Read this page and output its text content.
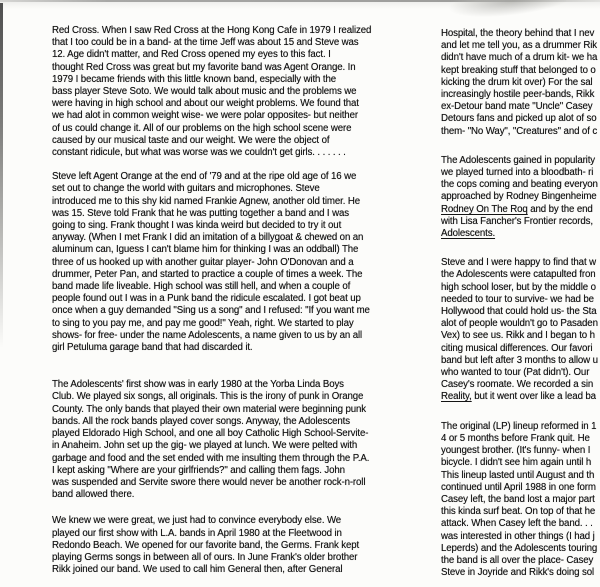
Red Cross. When I saw Red Cross at the Hong Kong Cafe in 1979 I realized
that I too could be in a band- at the time Jeff was about 15 and Steve was
12. Age didn't matter, and Red Cross opened my eyes to this fact. I
thought Red Cross was great but my favorite band was Agent Orange. In
1979 I became friends with this little known band, especially with the
bass player Steve Soto. We would talk about music and the problems we
were having in high school and about our weight problems. We found that
we had alot in common weight wise- we were polar opposites- but neither
of us could change it. All of our problems on the high school scene were
caused by our musical taste and our weight. We were the object of
constant ridicule, but what was worse was we couldn't get girls. . . . . . .
Steve left Agent Orange at the end of '79 and at the ripe old age of 16 we
set out to change the world with guitars and microphones. Steve
introduced me to this shy kid named Frankie Agnew, another old timer. He
was 15. Steve told Frank that he was putting together a band and I was
going to sing. Frank thought I was kinda weird but decided to try it out
anyway. (When I met Frank I did an imitation of a billygoat & chewed on an
aluminum can, Iguess I can't blame him for thinking I was an oddball) The
three of us hooked up with another guitar player- John O'Donovan and a
drummer, Peter Pan, and started to practice a couple of times a week. The
band made life liveable. High school was still hell, and when a couple of
people found out I was in a Punk band the ridicule escalated. I got beat up
once when a guy demanded "Sing us a song" and I refused: "If you want me
to sing to you pay me, and pay me good!" Yeah, right. We started to play
shows- for free- under the name Adolescents, a name given to us by an all
girl Petuluma garage band that had discarded it.
The Adolescents' first show was in early 1980 at the Yorba Linda Boys
Club. We played six songs, all originals. This is the irony of punk in Orange
County. The only bands that played their own material were beginning punk
bands. All the rock bands played cover songs. Anyway, the Adolescents
played Eldorado High School, and one all boy Catholic High School-Servite-
in Anaheim. John set up the gig- we played at lunch. We were pelted with
garbage and food and the set ended with me insulting them through the P.A.
I kept asking "Where are your girlfriends?" and calling them fags. John
was suspended and Servite swore there would never be another rock-n-roll
band allowed there.
We knew we were great, we just had to convince everybody else. We
played our first show with L.A. bands in April 1980 at the Fleetwood in
Redondo Beach. We opened for our favorite band, the Germs. Frank kept
playing Germs songs in between all of ours. In June Frank's older brother
Rikk joined our band. We used to call him General then, after General
Hospital, the theory behind that I nev
and let me tell you, as a drummer Rik
didn't have much of a drum kit- we ha
kept breaking stuff that belonged to o
kicking the drum kit over) For the sal
increasingly hostile peer-bands, Rikk
ex-Detour band mate "Uncle" Casey
Detours fans and picked up alot of so
them- "No Way", "Creatures" and of c
The Adolescents gained in popularity
we played turned into a bloodbath- ri
the cops coming and beating everyon
approached by Rodney Bingenheime
Rodney On The Roq and by the end
with Lisa Fancher's Frontier records,
Adolescents.
Steve and I were happy to find that w
the Adolescents were catapulted fron
high school loser, but by the middle o
needed to tour to survive- we had be
Hollywood that could hold us- the Sta
alot of people wouldn't go to Pasaden
Vex) to see us. Rikk and I began to h
citing musical differences. Our favori
band but left after 3 months to allow u
who wanted to tour (Pat didn't). Our
Casey's roomate. We recorded a sin
Reality, but it went over like a lead ba
The original (LP) lineup reformed in 1
4 or 5 months before Frank quit. He
youngest brother. (It's funny- when I
bicycle. I didn't see him again until h
This lineup lasted until August and th
continued until April 1988 in one form
Casey left, the band lost a major part
this kinda surf beat. On top of that he
attack. When Casey left the band. . .
was interested in other things (I had j
Leperds) and the Adolescents touring
the band is all over the place- Casey
Steve in Joyride and Rikk's doing sol
